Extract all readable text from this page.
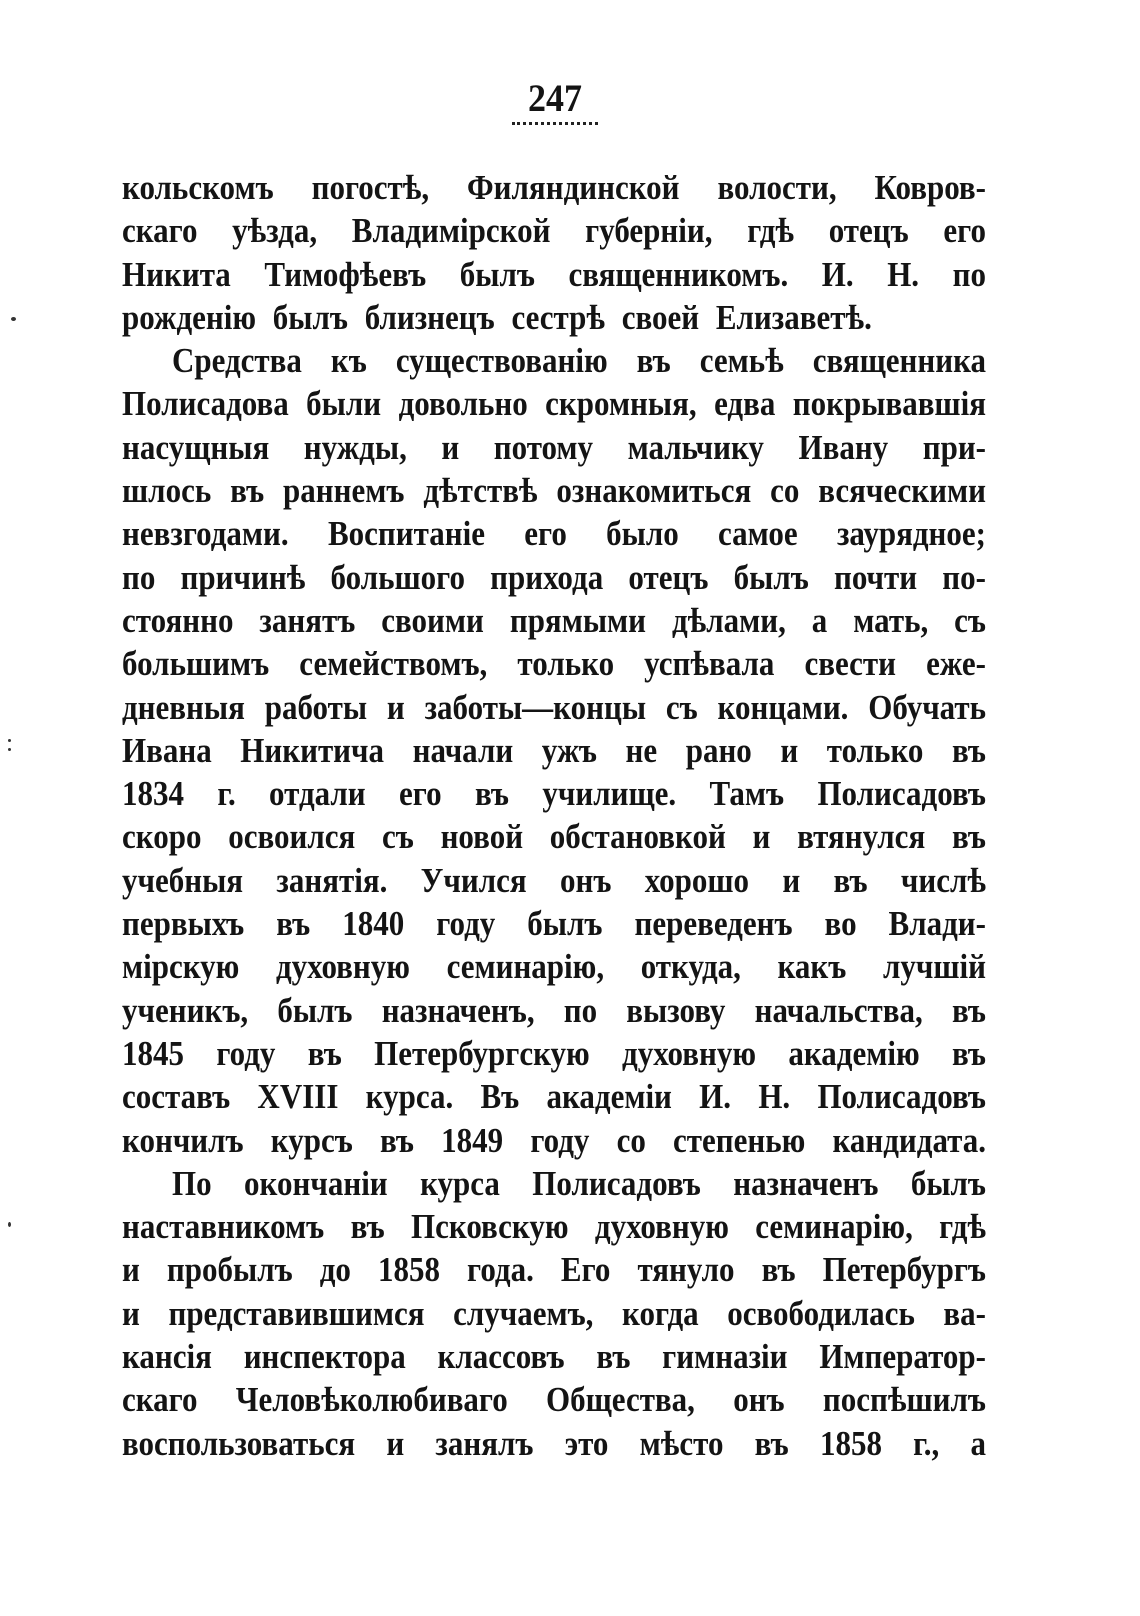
247
кольскомъ погостѣ, Филяндинской волости, Ковров-
скаго уѣзда, Владимірской губерніи, гдѣ отецъ его
Никита Тимофѣевъ былъ священникомъ. И. Н. по
рожденію былъ близнецъ сестрѣ своей Елизаветѣ.
Средства къ существованію въ семьѣ священника
Полисадова были довольно скромныя, едва покрывавшія
насущныя нужды, и потому мальчику Ивану при-
шлось въ раннемъ дѣтствѣ ознакомиться со всяческими
невзгодами. Воспитаніе его было самое заурядное;
по причинѣ большого прихода отецъ былъ почти по-
стоянно занятъ своими прямыми дѣлами, а мать, съ
большимъ семействомъ, только успѣвала свести еже-
дневныя работы и заботы—концы съ концами. Обучать
Ивана Никитича начали ужъ не рано и только въ
1834 г. отдали его въ училище. Тамъ Полисадовъ
скоро освоился съ новой обстановкой и втянулся въ
учебныя занятія. Учился онъ хорошо и въ числѣ
первыхъ въ 1840 году былъ переведенъ во Влади-
мірскую духовную семинарію, откуда, какъ лучшій
ученикъ, былъ назначенъ, по вызову начальства, въ
1845 году въ Петербургскую духовную академію въ
составъ XVIII курса. Въ академіи И. Н. Полисадовъ
кончилъ курсъ въ 1849 году со степенью кандидата.
По окончаніи курса Полисадовъ назначенъ былъ
наставникомъ въ Псковскую духовную семинарію, гдѣ
и пробылъ до 1858 года. Его тянуло въ Петербургъ
и представившимся случаемъ, когда освободилась ва-
кансія инспектора классовъ въ гимназіи Император-
скаго Человѣколюбиваго Общества, онъ поспѣшилъ
воспользоваться и занялъ это мѣсто въ 1858 г., а
